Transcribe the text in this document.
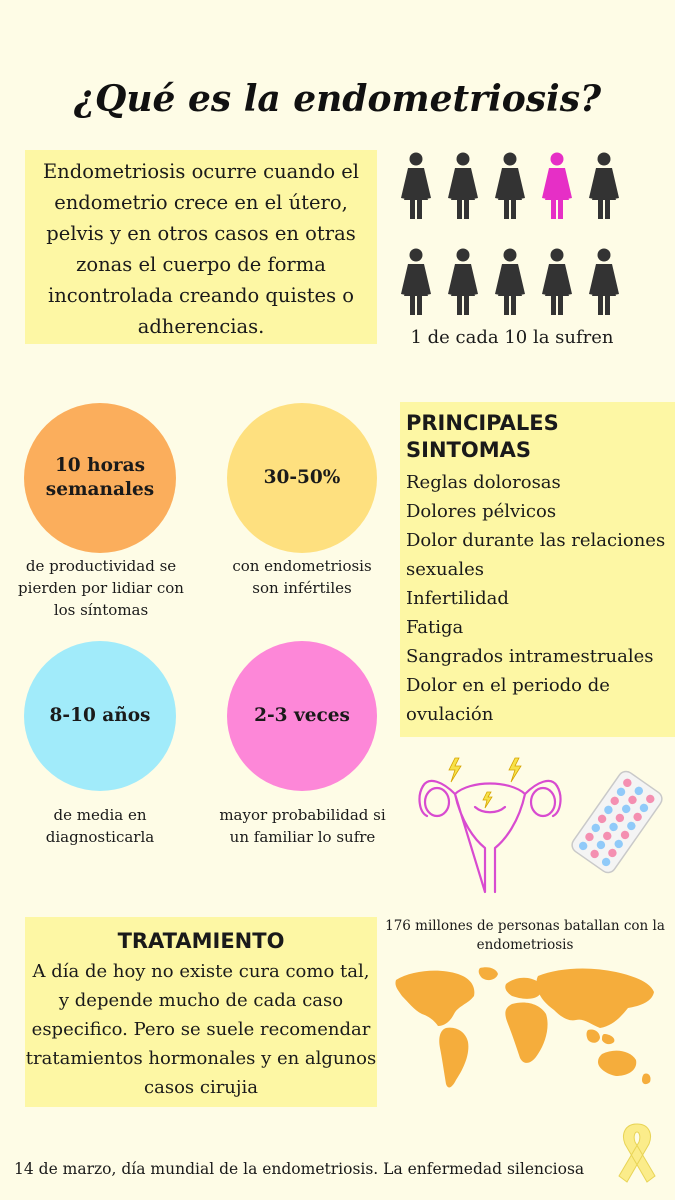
¿Qué es la endometriosis?
Endometriosis ocurre cuando el endometrio crece en el útero, pelvis y en otros casos en otras zonas el cuerpo de forma incontrolada creando quistes o adherencias.	1 de cada 10 la sufren
10 horas semanales
de productividad se pierden por lidiar con los síntomas
30-50%
con endometriosis son infértiles
8-10 años
de media en diagnosticarla
2-3 veces
mayor probabilidad si un familiar lo sufre
PRINCIPALES SINTOMAS
Reglas dolorosas
Dolores pélvicos
Dolor durante las relaciones sexuales
Infertilidad
Fatiga
Sangrados intramestruales
Dolor en el periodo de ovulación
TRATAMIENTO

A día de hoy no existe cura como tal, y depende mucho de cada caso especifico. Pero se suele recomendar tratamientos hormonales y en algunos casos cirujia

176 millones de personas batallan con la endometriosis
14 de marzo, día mundial de la endometriosis. La enfermedad silenciosa
